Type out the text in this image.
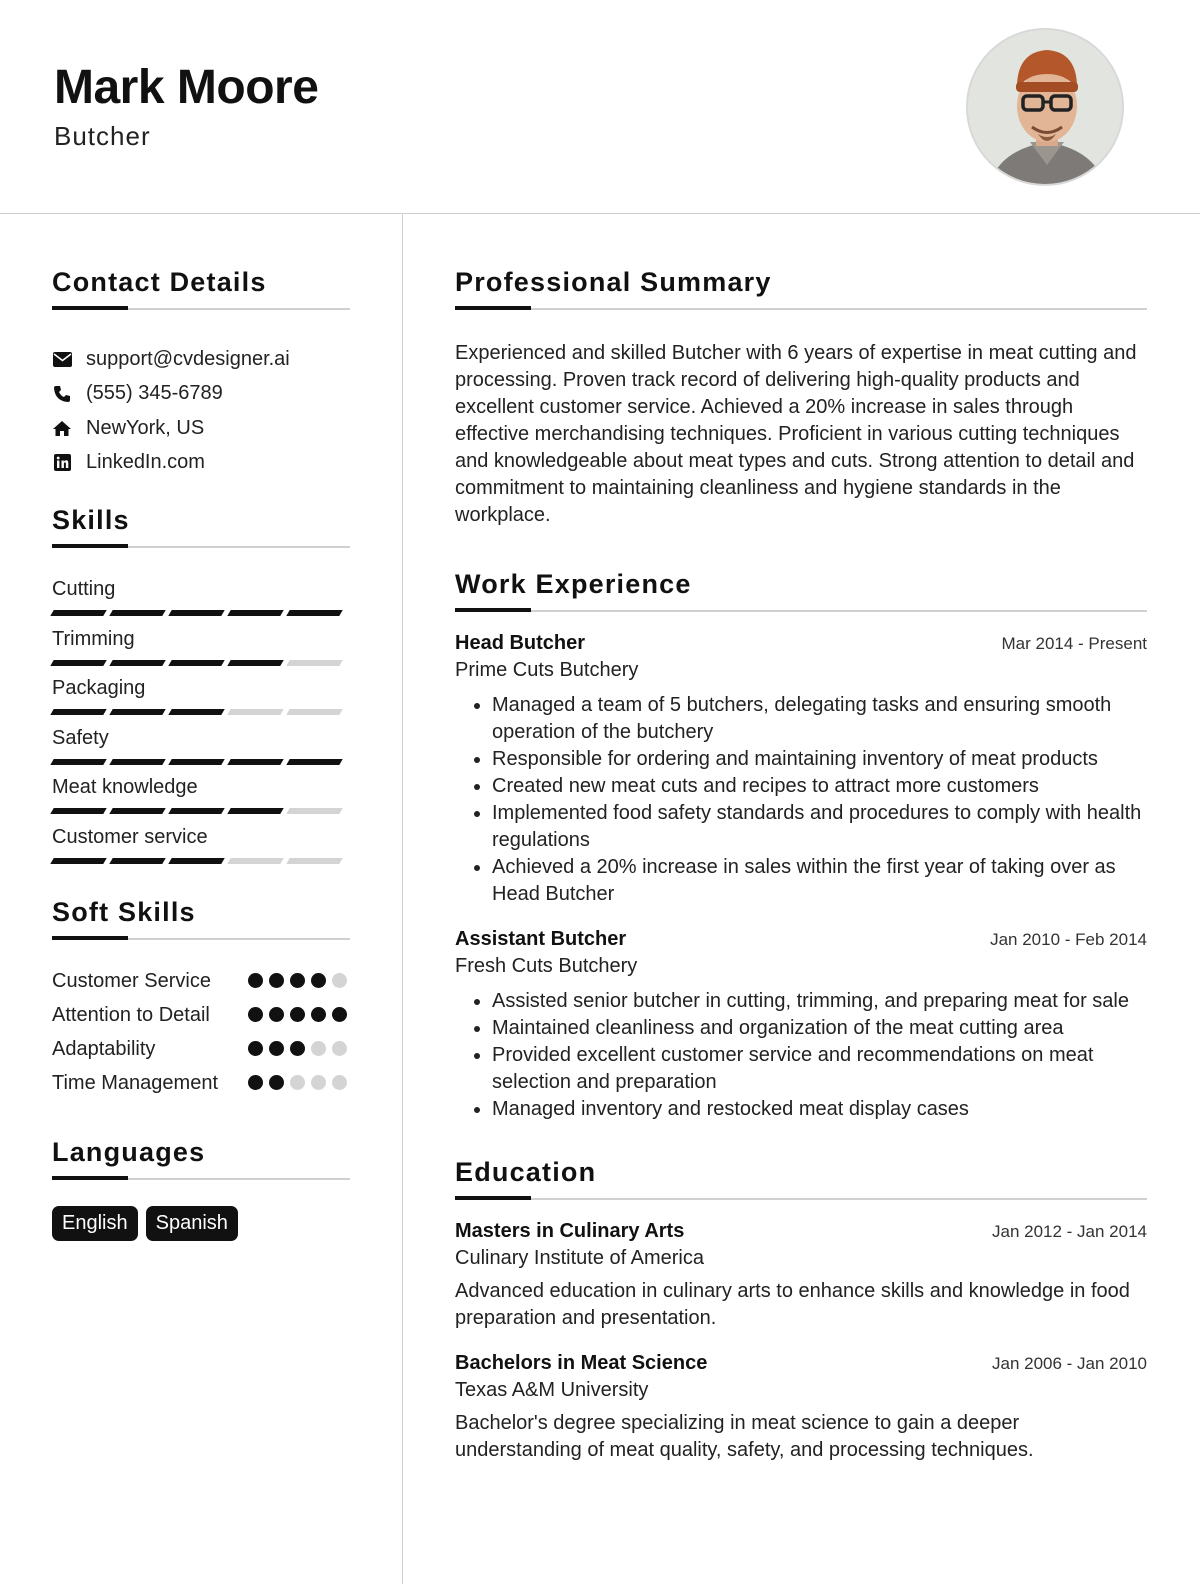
Mark Moore
Butcher
Contact Details
support@cvdesigner.ai
(555) 345-6789
NewYork, US
LinkedIn.com
Skills
Cutting
Trimming
Packaging
Safety
Meat knowledge
Customer service
Soft Skills
Customer Service
Attention to Detail
Adaptability
Time Management
Languages
English	Spanish
Professional Summary

Experienced and skilled Butcher with 6 years of expertise in meat cutting and processing. Proven track record of delivering high-quality products and excellent customer service. Achieved a 20% increase in sales through effective merchandising techniques. Proficient in various cutting techniques and knowledgeable about meat types and cuts. Strong attention to detail and commitment to maintaining cleanliness and hygiene standards in the workplace.

Work Experience
Head Butcher	Mar 2014 - Present
Prime Cuts Butchery
• Managed a team of 5 butchers, delegating tasks and ensuring smooth operation of the butchery
• Responsible for ordering and maintaining inventory of meat products
• Created new meat cuts and recipes to attract more customers
• Implemented food safety standards and procedures to comply with health regulations
• Achieved a 20% increase in sales within the first year of taking over as Head Butcher
Assistant Butcher	Jan 2010 - Feb 2014
Fresh Cuts Butchery
• Assisted senior butcher in cutting, trimming, and preparing meat for sale
• Maintained cleanliness and organization of the meat cutting area
• Provided excellent customer service and recommendations on meat selection and preparation
• Managed inventory and restocked meat display cases
Education
Masters in Culinary Arts	Jan 2012 - Jan 2014
Culinary Institute of America
Advanced education in culinary arts to enhance skills and knowledge in food preparation and presentation.
Bachelors in Meat Science	Jan 2006 - Jan 2010
Texas A&M University
Bachelor's degree specializing in meat science to gain a deeper understanding of meat quality, safety, and processing techniques.
